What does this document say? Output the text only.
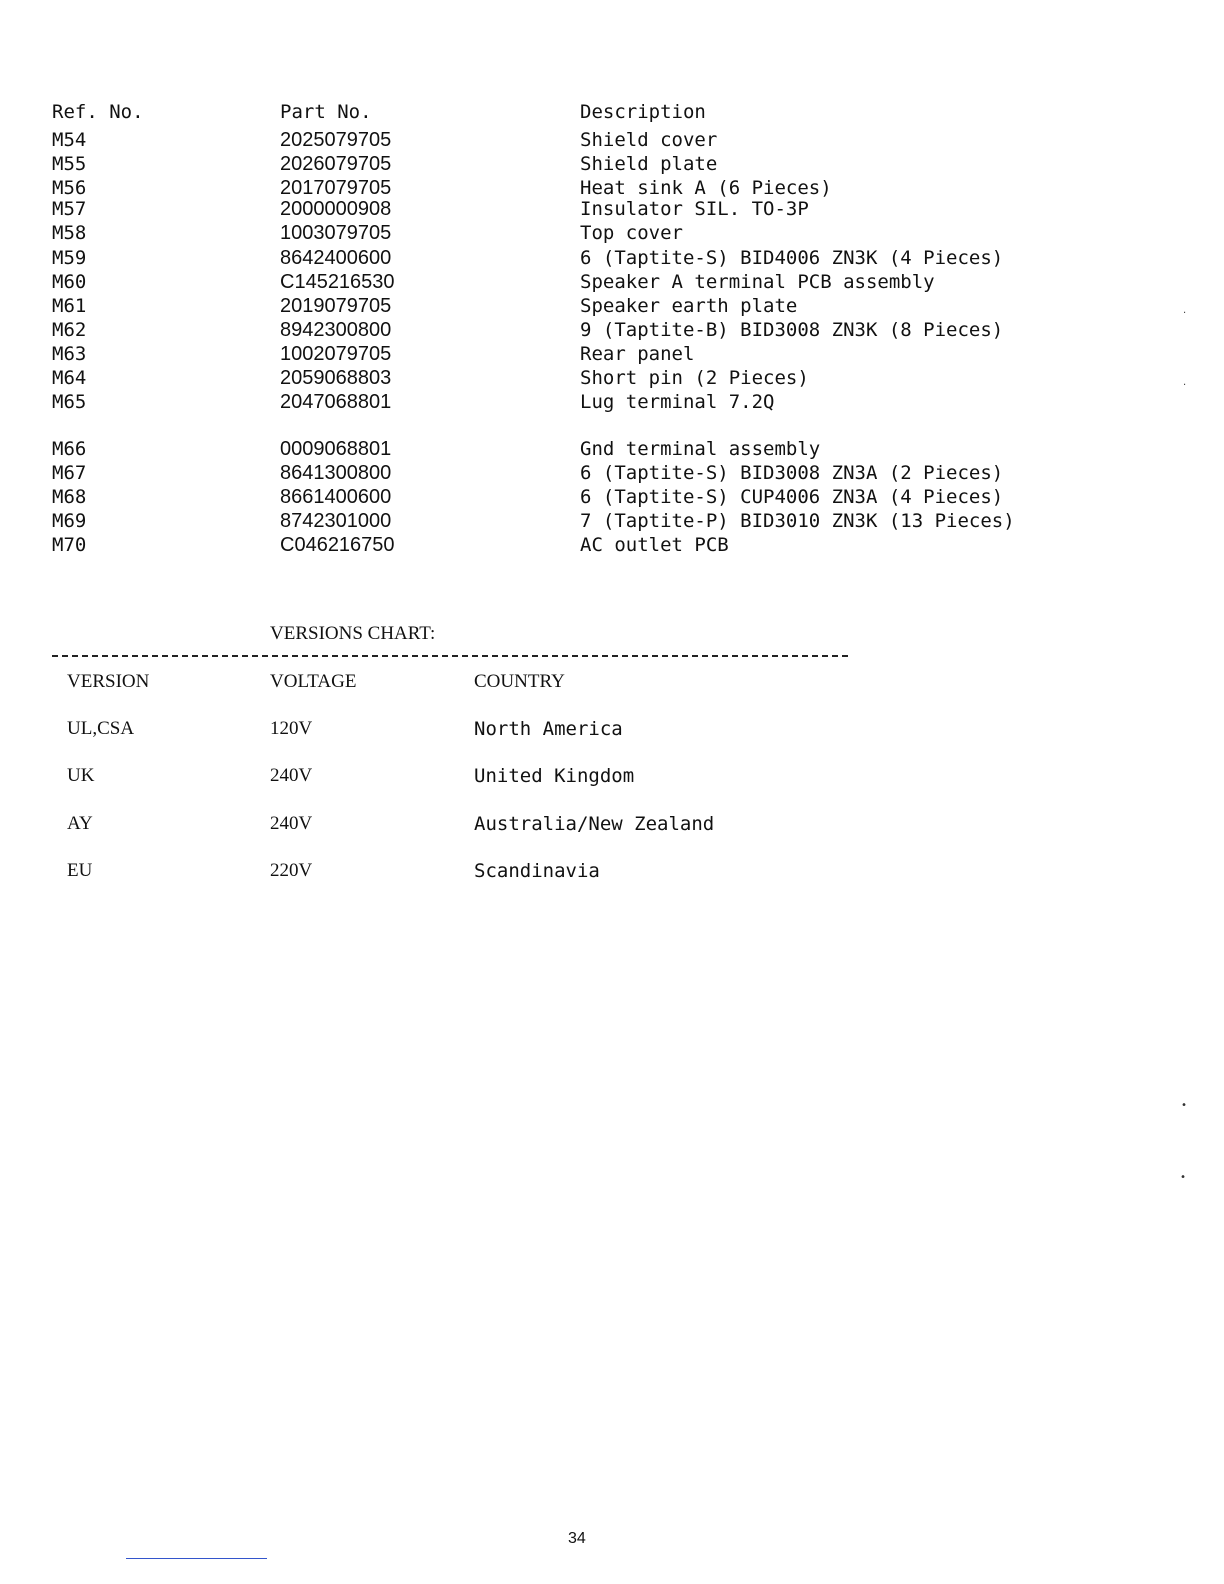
Ref. No.	Part No.	Description
M54	2025079705	Shield cover
M55	2026079705	Shield plate
M56	2017079705	Heat sink A (6 Pieces)
M57	2000000908	Insulator SIL. TO-3P
M58	1003079705	Top cover
M59	8642400600	6 (Taptite-S) BID4006 ZN3K (4 Pieces)
M60	C145216530	Speaker A terminal PCB assembly
M61	2019079705	Speaker earth plate
M62	8942300800	9 (Taptite-B) BID3008 ZN3K (8 Pieces)
M63	1002079705	Rear panel
M64	2059068803	Short pin (2 Pieces)
M65	2047068801	Lug terminal 7.2Q
M66	0009068801	Gnd terminal assembly
M67	8641300800	6 (Taptite-S) BID3008 ZN3A (2 Pieces)
M68	8661400600	6 (Taptite-S) CUP4006 ZN3A (4 Pieces)
M69	8742301000	7 (Taptite-P) BID3010 ZN3K (13 Pieces)
M70	C046216750	AC outlet PCB
VERSIONS CHART:
VERSION	VOLTAGE	COUNTRY
UL,CSA	120V	North America
UK	240V	United Kingdom
AY	240V	Australia/New Zealand
EU	220V	Scandinavia
‧
‧
•
•
34
